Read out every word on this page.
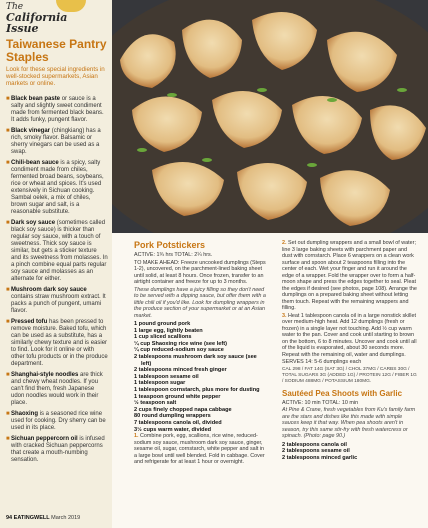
The
California
Issue
Taiwanese Pantry Staples
Look for these special ingredients in well-stocked supermarkets, Asian markets or online.
■ Black bean paste or sauce is a salty and slightly sweet condiment made from fermented black beans. It adds funky, pungent flavor.
■ Black vinegar (chingkiang) has a rich, smoky flavor. Balsamic or sherry vinegars can be used as a swap.
■ Chili-bean sauce is a spicy, salty condiment made from chiles, fermented broad beans, soybeans, rice or wheat and spices. It's used extensively in Sichuan cooking. Sambal oelek, a mix of chiles, brown sugar and salt, is a reasonable substitute.
■ Dark soy sauce (sometimes called black soy sauce) is thicker than regular soy sauce, with a touch of sweetness. Thick soy sauce is similar, but gets a sticker texture and its sweetness from molasses. In a pinch combine equal parts regular soy sauce and molasses as an alternate for either.
■ Mushroom dark soy sauce contains straw mushroom extract. It packs a punch of pungent, umami flavor.
■ Pressed tofu has been pressed to remove moisture. Baked tofu, which can be used as a substitute, has a similarly chewy texture and is easier to find. Look for it online or with other tofu products or in the produce department.
■ Shanghai-style noodles are thick and chewy wheat noodles. If you can't find them, fresh Japanese udon noodles would work in their place.
■ Shaoxing is a seasoned rice wine used for cooking. Dry sherry can be used in its place.
■ Sichuan peppercorn oil is infused with cracked Sichuan peppercorns that create a mouth-numbing sensation.
Pork Potstickers
ACTIVE: 1¾ hrs TOTAL: 2¼ hrs.
TO MAKE AHEAD: Freeze uncooked dumplings (Steps 1-2), uncovered, on the parchment-lined baking sheet until solid, at least 8 hours. Once frozen, transfer to an airtight container and freeze for up to 3 months.
These dumplings have a juicy filling so they don't need to be served with a dipping sauce, but offer them with a little chili oil if you'd like. Look for dumpling wrappers in the produce section of your supermarket or at an Asian market.
1 pound ground pork
1 large egg, lightly beaten
1 cup sliced scallions
¼ cup Shaoxing rice wine (see left)
¼ cup reduced-sodium soy sauce
2 tablespoons mushroom dark soy sauce (see left)
2 tablespoons minced fresh ginger
1 tablespoon sesame oil
1 tablespoon sugar
1 tablespoon cornstarch, plus more for dusting
1 teaspoon ground white pepper
½ teaspoon salt
2 cups finely chopped napa cabbage
80 round dumpling wrappers
7 tablespoons canola oil, divided
3½ cups warm water, divided
1. Combine pork, egg, scallions, rice wine, reduced-sodium soy sauce, mushroom dark soy sauce, ginger, sesame oil, sugar, cornstarch, white pepper and salt in a large bowl until well blended. Fold in cabbage. Cover and refrigerate for at least 1 hour or overnight.
2. Set out dumpling wrappers and a small bowl of water; line 3 large baking sheets with parchment paper and dust with cornstarch. Place 6 wrappers on a clean work surface and spoon about 2 teaspoons filling into the center of each. Wet your finger and run it around the edge of a wrapper. Fold the wrapper over to form a half-moon shape and press the edges together to seal. Pleat the edges if desired (see photos, page 108). Arrange the dumplings on a prepared baking sheet without letting them touch. Repeat with the remaining wrappers and filling.
3. Heat 1 tablespoon canola oil in a large nonstick skillet over medium-high heat. Add 12 dumplings (fresh or frozen) in a single layer not touching. Add ½ cup warm water to the pan. Cover and cook until starting to brown on the bottom, 6 to 8 minutes. Uncover and cook until all of the liquid is evaporated, about 30 seconds more. Repeat with the remaining oil, water and dumplings.
SERVES 14: 5-6 dumplings each
CAL 298 / FAT 14G (SAT 3G) / CHOL 37MG / CARBS 30G / TOTAL SUGARS 3G (ADDED 1G) / PROTEIN 12G / FIBER 1G / SODIUM 488MG / POTASSIUM 180MG.
Sautéed Pea Shoots with Garlic
ACTIVE: 10 min TOTAL: 10 min
At Pine & Crane, fresh vegetables from Ku's family farm are the stars and dishes like this made with simple sauces keep it that way. When pea shoots aren't in season, try this same stir-fry with fresh watercress or spinach. (Photo: page 90.)
2 tablespoons canola oil
2 tablespoons sesame oil
2 tablespoons minced garlic
94 EATINGWELL March 2019
